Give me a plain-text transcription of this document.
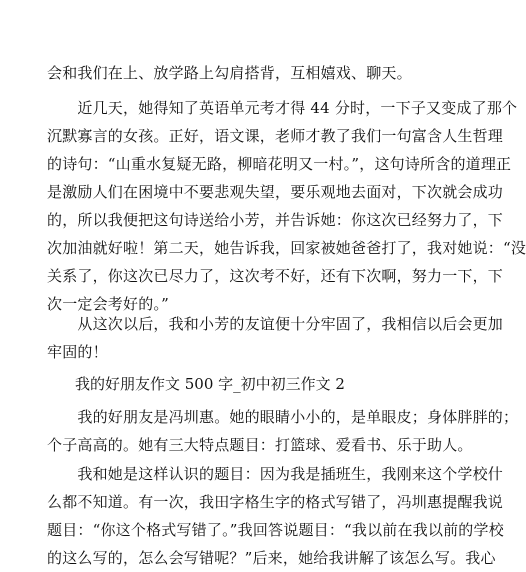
会和我们在上、放学路上勾肩搭背，互相嬉戏、聊天。

　　近几天，她得知了英语单元考才得 44 分时，一下子又变成了那个
沉默寡言的女孩。正好，语文课，老师才教了我们一句富含人生哲理
的诗句：“山重水复疑无路，柳暗花明又一村。”，这句诗所含的道理正
是激励人们在困境中不要悲观失望，要乐观地去面对，下次就会成功
的，所以我便把这句诗送给小芳，并告诉她：你这次已经努力了，下
次加油就好啦！第二天，她告诉我，回家被她爸爸打了，我对她说：“没
关系了，你这次已尽力了，这次考不好，还有下次啊，努力一下，下
次一定会考好的。”

　　从这次以后，我和小芳的友谊便十分牢固了，我相信以后会更加
牢固的！

我的好朋友作文 500 字_初中初三作文 2

　　我的好朋友是冯圳惠。她的眼睛小小的，是单眼皮；身体胖胖的；
个子高高的。她有三大特点题目：打篮球、爱看书、乐于助人。

　　我和她是这样认识的题目：因为我是插班生，我刚来这个学校什
么都不知道。有一次，我田字格生字的格式写错了，冯圳惠提醒我说
题目：“你这个格式写错了。”我回答说题目：“我以前在我以前的学校
的这么写的，怎么会写错呢？”后来，她给我讲解了该怎么写。我心
